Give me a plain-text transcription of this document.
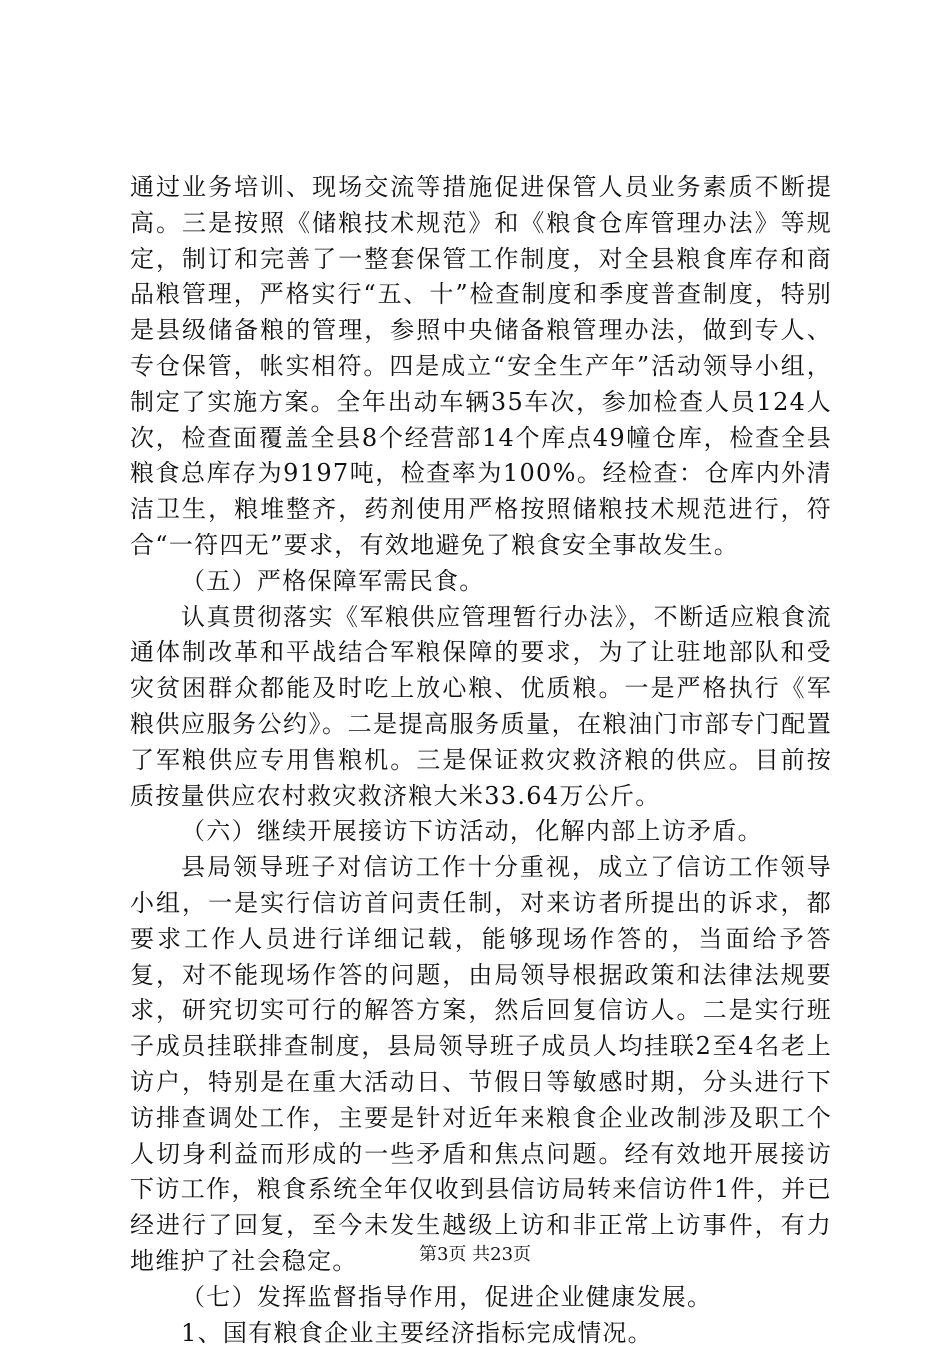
通过业务培训、现场交流等措施促进保管人员业务素质不断提高。三是按照《储粮技术规范》和《粮食仓库管理办法》等规定，制订和完善了一整套保管工作制度，对全县粮食库存和商品粮管理，严格实行“五、十”检查制度和季度普查制度，特别是县级储备粮的管理，参照中央储备粮管理办法，做到专人、专仓保管，帐实相符。四是成立“安全生产年”活动领导小组，制定了实施方案。全年出动车辆35车次，参加检查人员124人次，检查面覆盖全县8个经营部14个库点49幢仓库，检查全县粮食总库存为9197吨，检查率为100%。经检查：仓库内外清洁卫生，粮堆整齐，药剂使用严格按照储粮技术规范进行，符合“一符四无”要求，有效地避免了粮食安全事故发生。

（五）严格保障军需民食。

认真贯彻落实《军粮供应管理暂行办法》，不断适应粮食流通体制改革和平战结合军粮保障的要求，为了让驻地部队和受灾贫困群众都能及时吃上放心粮、优质粮。一是严格执行《军粮供应服务公约》。二是提高服务质量，在粮油门市部专门配置了军粮供应专用售粮机。三是保证救灾救济粮的供应。目前按质按量供应农村救灾救济粮大米33.64万公斤。

（六）继续开展接访下访活动，化解内部上访矛盾。

县局领导班子对信访工作十分重视，成立了信访工作领导小组，一是实行信访首问责任制，对来访者所提出的诉求，都要求工作人员进行详细记载，能够现场作答的，当面给予答复，对不能现场作答的问题，由局领导根据政策和法律法规要求，研究切实可行的解答方案，然后回复信访人。二是实行班子成员挂联排查制度，县局领导班子成员人均挂联2至4名老上访户，特别是在重大活动日、节假日等敏感时期，分头进行下访排查调处工作，主要是针对近年来粮食企业改制涉及职工个人切身利益而形成的一些矛盾和焦点问题。经有效地开展接访下访工作，粮食系统全年仅收到县信访局转来信访件1件，并已经进行了回复，至今未发生越级上访和非正常上访事件，有力地维护了社会稳定。

（七）发挥监督指导作用，促进企业健康发展。

1、国有粮食企业主要经济指标完成情况。

第3页 共23页
